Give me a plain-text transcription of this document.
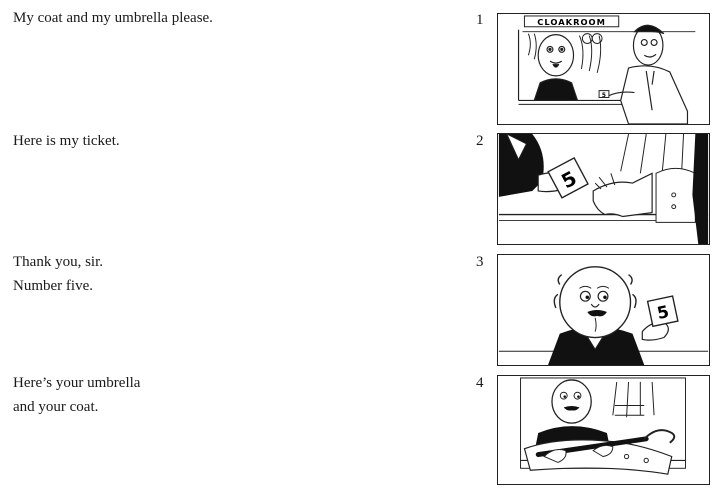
My coat and my umbrella please.
Here is my ticket.
Thank you, sir.
Number five.
Here’s your umbrella
and your coat.
1
2
3
4
CLOAKROOM
5
5
5
